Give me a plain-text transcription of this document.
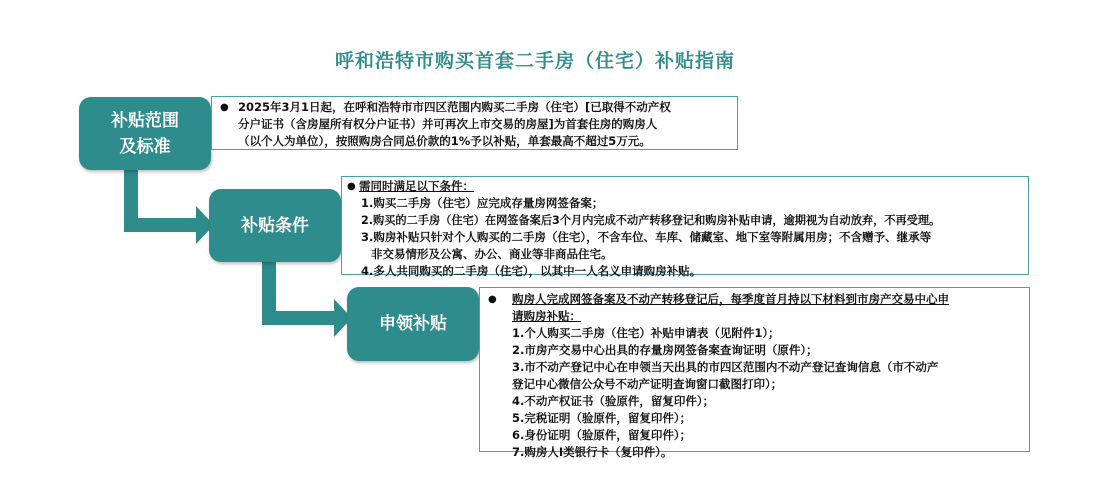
呼和浩特市购买首套二手房（住宅）补贴指南
补贴范围
及标准
● 2025年3月1日起，在呼和浩特市市四区范围内购买二手房（住宅）[已取得不动产权
分户证书（含房屋所有权分户证书）并可再次上市交易的房屋]为首套住房的购房人
（以个人为单位），按照购房合同总价款的1%予以补贴，单套最高不超过5万元。
补贴条件
● 需同时满足以下条件：
1.购买二手房（住宅）应完成存量房网签备案；
2.购买的二手房（住宅）在网签备案后3个月内完成不动产转移登记和购房补贴申请，逾期视为自动放弃，不再受理。
3.购房补贴只针对个人购买的二手房（住宅），不含车位、车库、储藏室、地下室等附属用房；不含赠予、继承等
非交易情形及公寓、办公、商业等非商品住宅。
4.多人共同购买的二手房（住宅），以其中一人名义申请购房补贴。
申领补贴
●	购房人完成网签备案及不动产转移登记后，每季度首月持以下材料到市房产交易中心申
请购房补贴：
1.个人购买二手房（住宅）补贴申请表（见附件1）；
2.市房产交易中心出具的存量房网签备案查询证明（原件）；
3.市不动产登记中心在申领当天出具的市四区范围内不动产登记查询信息（市不动产
登记中心微信公众号不动产证明查询窗口截图打印）；
4.不动产权证书（验原件，留复印件）；
5.完税证明（验原件，留复印件）；
6.身份证明（验原件，留复印件）；
7.购房人Ⅰ类银行卡（复印件）。
